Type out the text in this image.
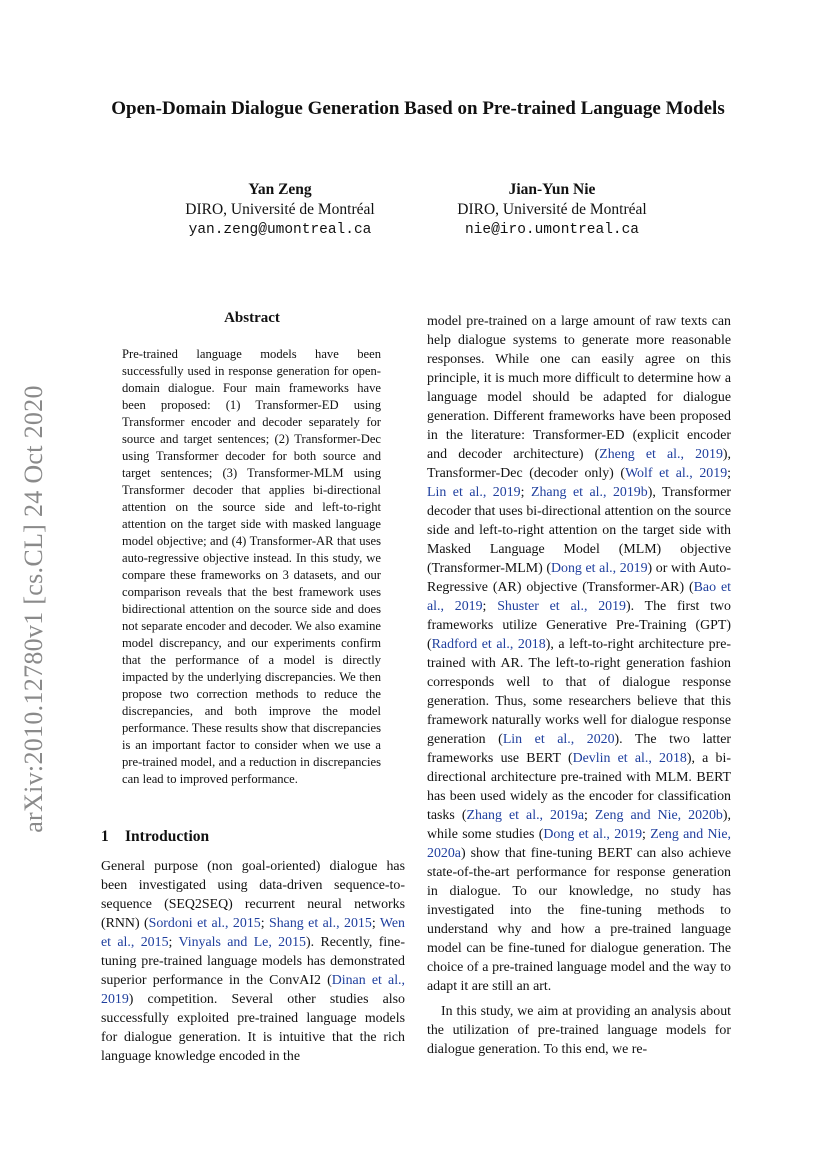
arXiv:2010.12780v1 [cs.CL] 24 Oct 2020
Open-Domain Dialogue Generation Based on Pre-trained Language Models
Yan Zeng
DIRO, Université de Montréal
yan.zeng@umontreal.ca
Jian-Yun Nie
DIRO, Université de Montréal
nie@iro.umontreal.ca
Abstract
Pre-trained language models have been successfully used in response generation for open-domain dialogue. Four main frameworks have been proposed: (1) Transformer-ED using Transformer encoder and decoder separately for source and target sentences; (2) Transformer-Dec using Transformer decoder for both source and target sentences; (3) Transformer-MLM using Transformer decoder that applies bi-directional attention on the source side and left-to-right attention on the target side with masked language model objective; and (4) Transformer-AR that uses auto-regressive objective instead. In this study, we compare these frameworks on 3 datasets, and our comparison reveals that the best framework uses bidirectional attention on the source side and does not separate encoder and decoder. We also examine model discrepancy, and our experiments confirm that the performance of a model is directly impacted by the underlying discrepancies. We then propose two correction methods to reduce the discrepancies, and both improve the model performance. These results show that discrepancies is an important factor to consider when we use a pre-trained model, and a reduction in discrepancies can lead to improved performance.
1 Introduction
General purpose (non goal-oriented) dialogue has been investigated using data-driven sequence-to-sequence (SEQ2SEQ) recurrent neural networks (RNN) (Sordoni et al., 2015; Shang et al., 2015; Wen et al., 2015; Vinyals and Le, 2015). Recently, fine-tuning pre-trained language models has demonstrated superior performance in the ConvAI2 (Dinan et al., 2019) competition. Several other studies also successfully exploited pre-trained language models for dialogue generation. It is intuitive that the rich language knowledge encoded in the

model pre-trained on a large amount of raw texts can help dialogue systems to generate more reasonable responses. While one can easily agree on this principle, it is much more difficult to determine how a language model should be adapted for dialogue generation. Different frameworks have been proposed in the literature: Transformer-ED (explicit encoder and decoder architecture) (Zheng et al., 2019), Transformer-Dec (decoder only) (Wolf et al., 2019; Lin et al., 2019; Zhang et al., 2019b), Transformer decoder that uses bi-directional attention on the source side and left-to-right attention on the target side with Masked Language Model (MLM) objective (Transformer-MLM) (Dong et al., 2019) or with Auto-Regressive (AR) objective (Transformer-AR) (Bao et al., 2019; Shuster et al., 2019). The first two frameworks utilize Generative Pre-Training (GPT) (Radford et al., 2018), a left-to-right architecture pre-trained with AR. The left-to-right generation fashion corresponds well to that of dialogue response generation. Thus, some researchers believe that this framework naturally works well for dialogue response generation (Lin et al., 2020). The two latter frameworks use BERT (Devlin et al., 2018), a bi-directional architecture pre-trained with MLM. BERT has been used widely as the encoder for classification tasks (Zhang et al., 2019a; Zeng and Nie, 2020b), while some studies (Dong et al., 2019; Zeng and Nie, 2020a) show that fine-tuning BERT can also achieve state-of-the-art performance for response generation in dialogue. To our knowledge, no study has investigated into the fine-tuning methods to understand why and how a pre-trained language model can be fine-tuned for dialogue generation. The choice of a pre-trained language model and the way to adapt it are still an art.

In this study, we aim at providing an analysis about the utilization of pre-trained language models for dialogue generation. To this end, we re-
